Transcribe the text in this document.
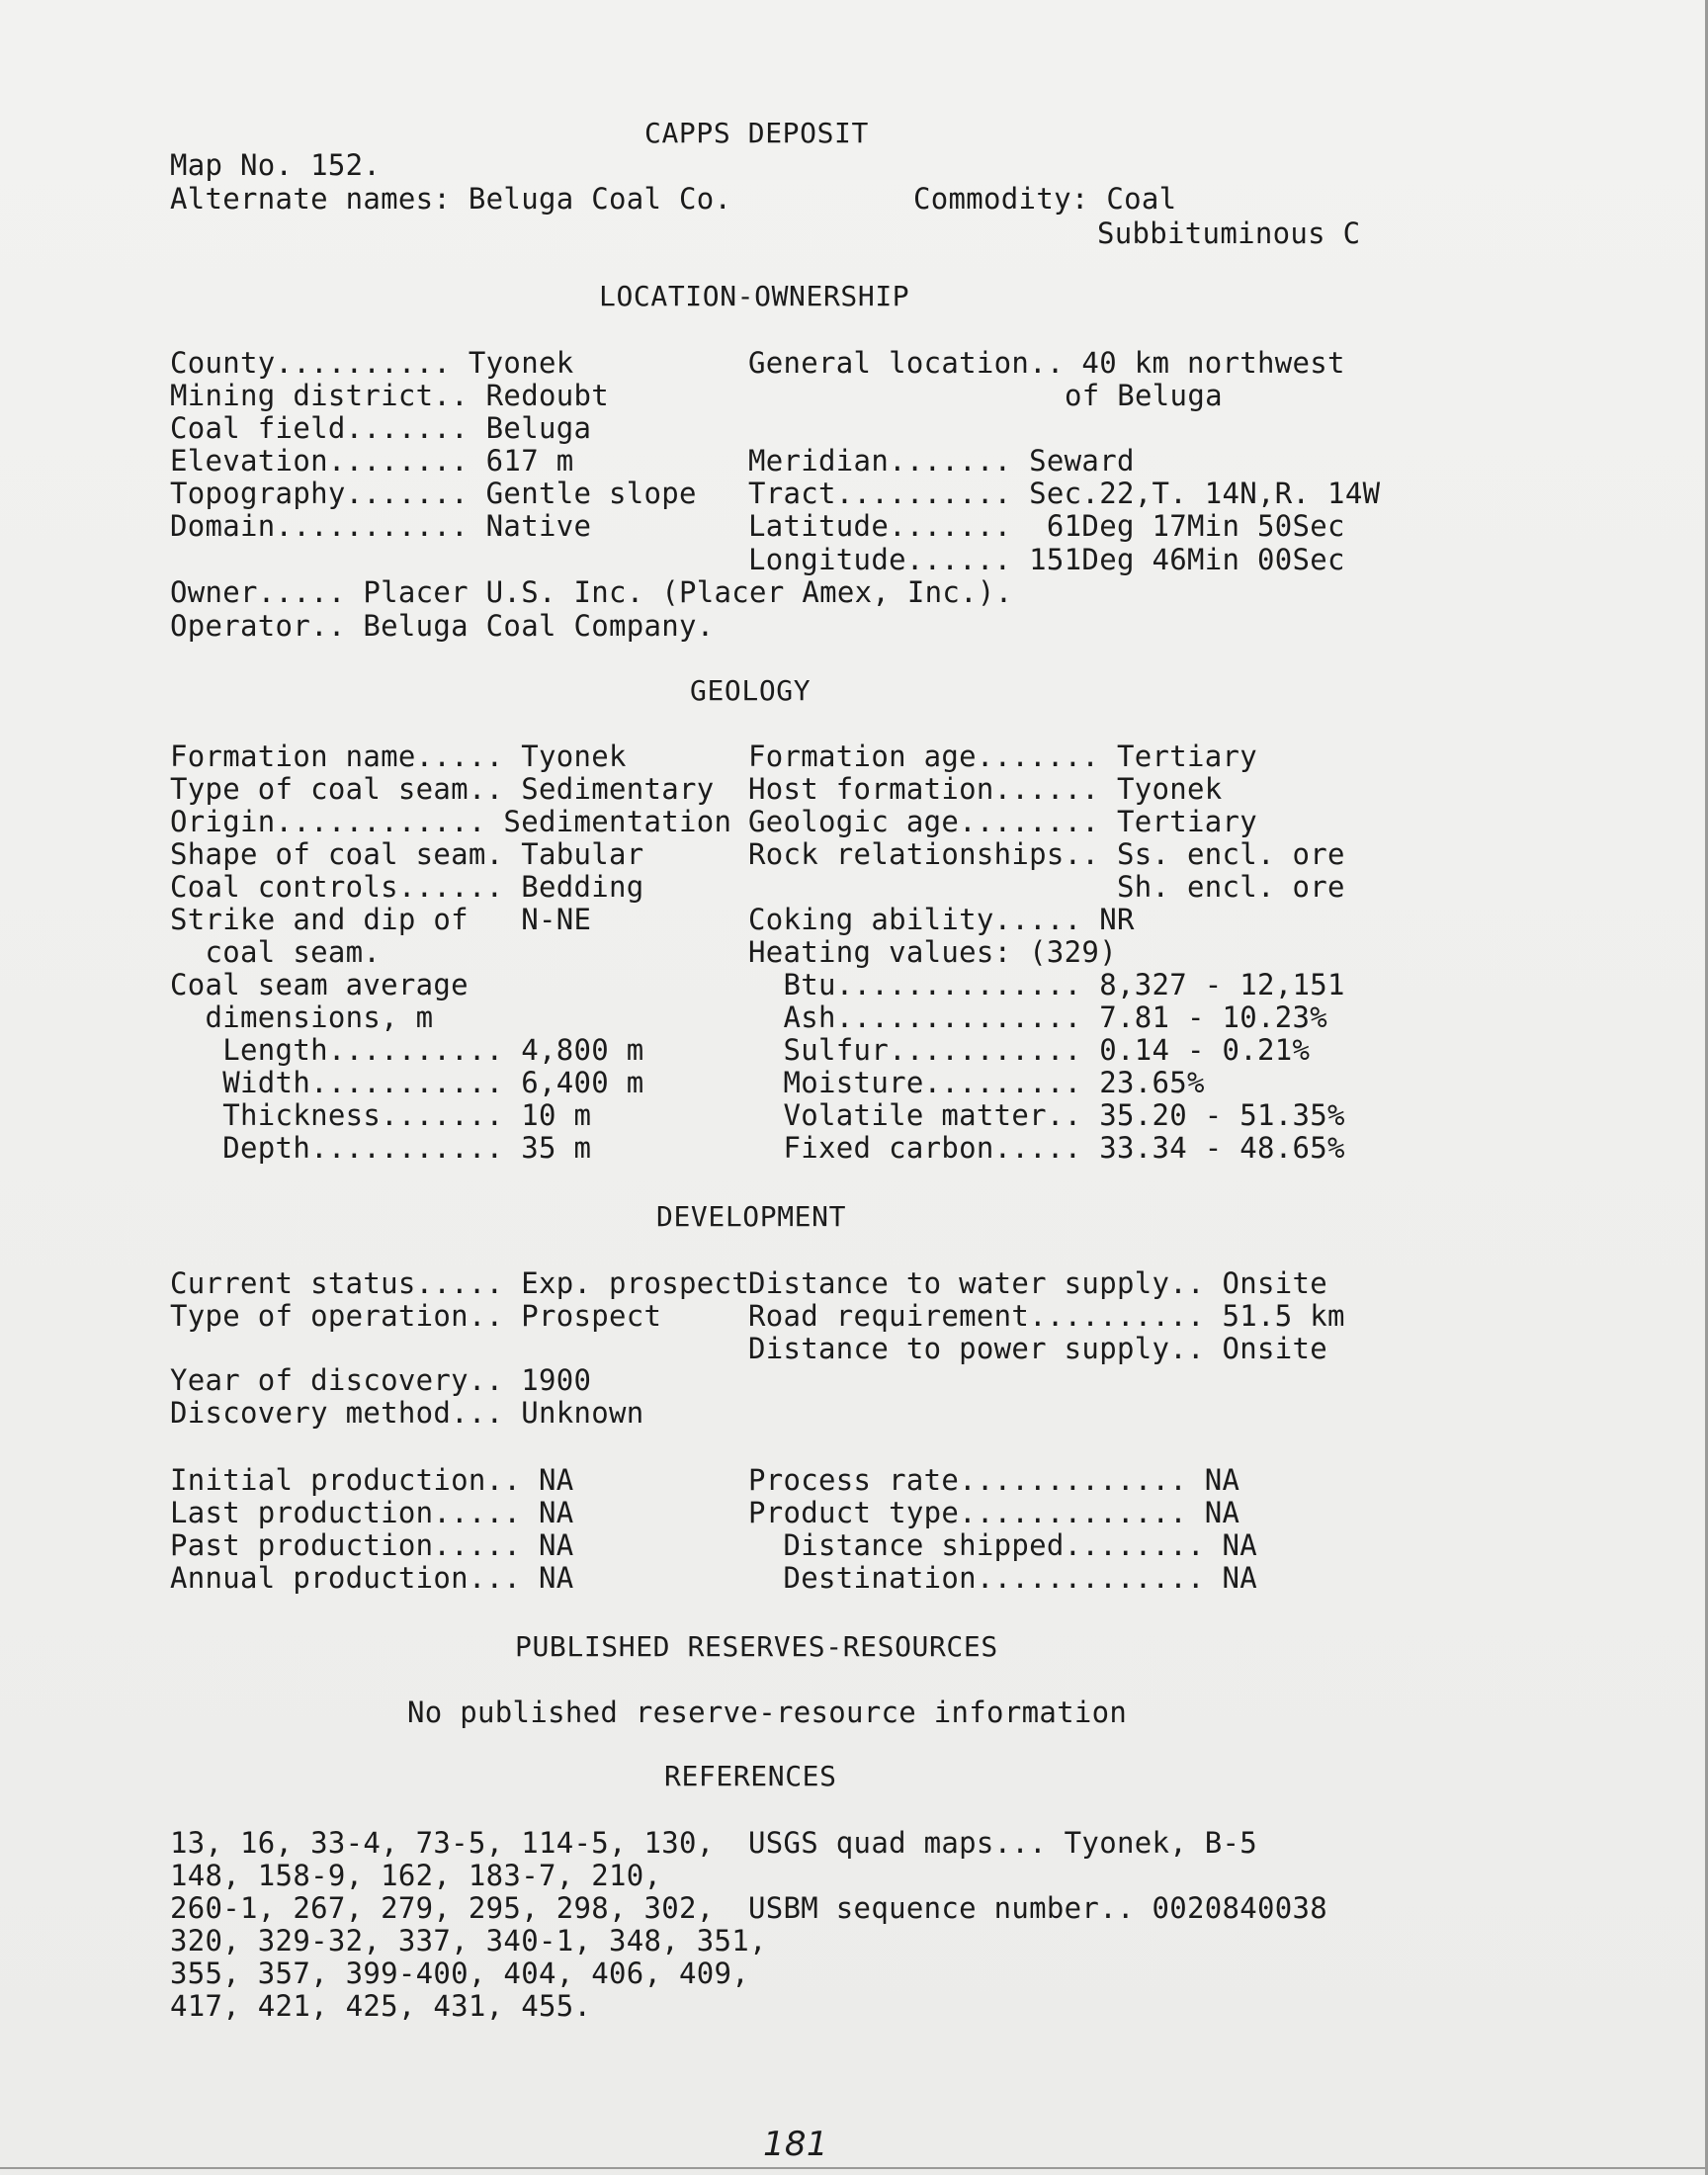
CAPPS DEPOSIT

Map No. 152.

Alternate names: Beluga Coal Co.	Commodity: Coal

Subbituminous C

LOCATION-OWNERSHIP

County.......... Tyonek

Mining district.. Redoubt

Coal field....... Beluga

Elevation........ 617 m

Topography....... Gentle slope

Domain........... Native

General location.. 40 km northwest

of Beluga

Meridian....... Seward

Tract.......... Sec.22,T. 14N,R. 14W

Latitude.......  61Deg 17Min 50Sec

Longitude...... 151Deg 46Min 00Sec

Owner..... Placer U.S. Inc. (Placer Amex, Inc.).

Operator.. Beluga Coal Company.

GEOLOGY

Formation name..... Tyonek

Type of coal seam.. Sedimentary

Origin............ Sedimentation

Shape of coal seam. Tabular

Coal controls...... Bedding

Strike and dip of   N-NE

coal seam.

Coal seam average

dimensions, m

Length.......... 4,800 m

Width........... 6,400 m

Thickness....... 10 m

Depth........... 35 m

Formation age....... Tertiary

Host formation...... Tyonek

Geologic age........ Tertiary

Rock relationships.. Ss. encl. ore

Sh. encl. ore

Coking ability..... NR

Heating values: (329)

Btu.............. 8,327 - 12,151

Ash.............. 7.81 - 10.23%

Sulfur........... 0.14 - 0.21%

Moisture......... 23.65%

Volatile matter.. 35.20 - 51.35%

Fixed carbon..... 33.34 - 48.65%

DEVELOPMENT

Current status..... Exp. prospect

Type of operation.. Prospect

Year of discovery.. 1900

Discovery method... Unknown

Initial production.. NA

Last production..... NA

Past production..... NA

Annual production... NA

Distance to water supply.. Onsite

Road requirement.......... 51.5 km

Distance to power supply.. Onsite

Process rate............. NA

Product type............. NA

Distance shipped........ NA

Destination............. NA

PUBLISHED RESERVES-RESOURCES

No published reserve-resource information

REFERENCES

13, 16, 33-4, 73-5, 114-5, 130,

148, 158-9, 162, 183-7, 210,

260-1, 267, 279, 295, 298, 302,

320, 329-32, 337, 340-1, 348, 351,

355, 357, 399-400, 404, 406, 409,

417, 421, 425, 431, 455.

USGS quad maps... Tyonek, B-5

USBM sequence number.. 0020840038

181
